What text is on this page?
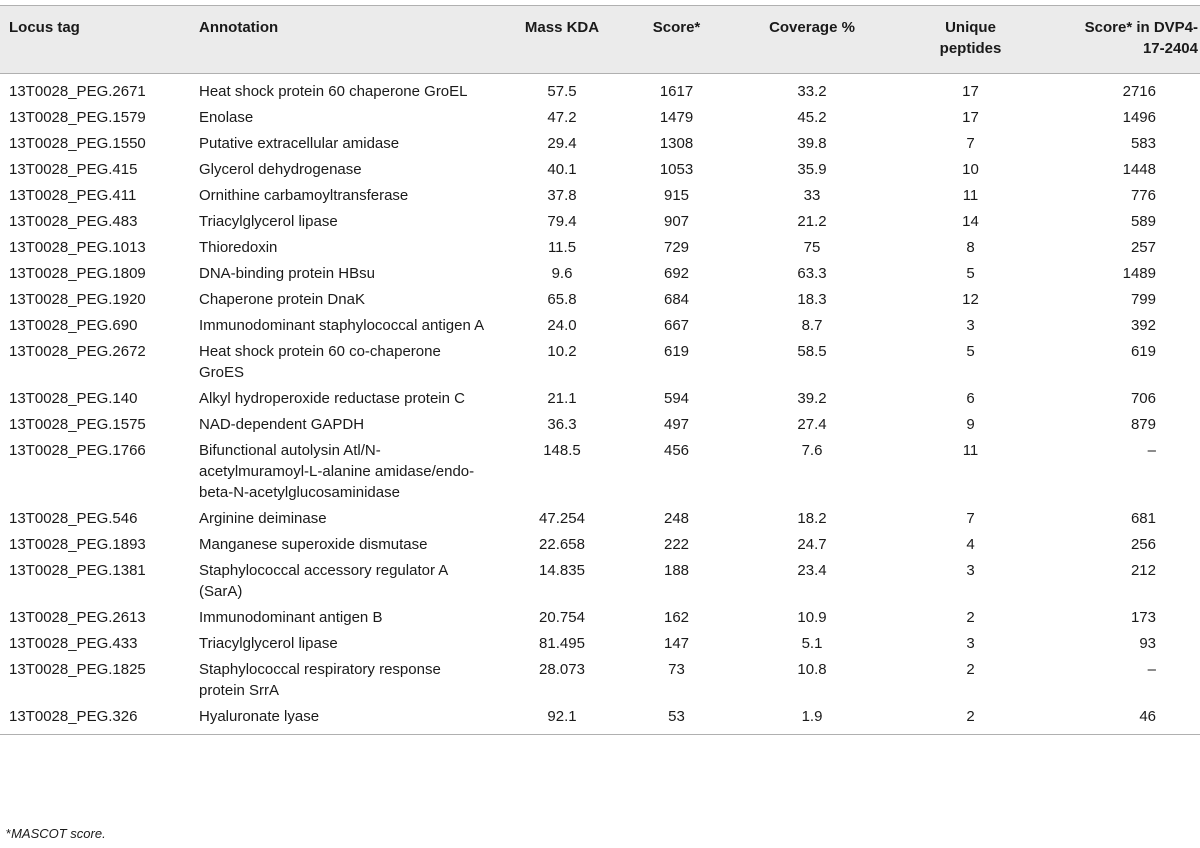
Locus tag	Annotation	Mass KDA	Score*	Coverage %	Unique peptides	Score* in DVP4-17-2404
13T0028_PEG.2671	Heat shock protein 60 chaperone GroEL	57.5	1617	33.2	17	2716
13T0028_PEG.1579	Enolase	47.2	1479	45.2	17	1496
13T0028_PEG.1550	Putative extracellular amidase	29.4	1308	39.8	7	583
13T0028_PEG.415	Glycerol dehydrogenase	40.1	1053	35.9	10	1448
13T0028_PEG.411	Ornithine carbamoyltransferase	37.8	915	33	11	776
13T0028_PEG.483	Triacylglycerol lipase	79.4	907	21.2	14	589
13T0028_PEG.1013	Thioredoxin	11.5	729	75	8	257
13T0028_PEG.1809	DNA-binding protein HBsu	9.6	692	63.3	5	1489
13T0028_PEG.1920	Chaperone protein DnaK	65.8	684	18.3	12	799
13T0028_PEG.690	Immunodominant staphylococcal antigen A	24.0	667	8.7	3	392
13T0028_PEG.2672	Heat shock protein 60 co-chaperone GroES	10.2	619	58.5	5	619
13T0028_PEG.140	Alkyl hydroperoxide reductase protein C	21.1	594	39.2	6	706
13T0028_PEG.1575	NAD-dependent GAPDH	36.3	497	27.4	9	879
13T0028_PEG.1766	Bifunctional autolysin Atl/N-acetylmuramoyl-L-alanine amidase/endo-beta-N-acetylglucosaminidase	148.5	456	7.6	11	–
13T0028_PEG.546	Arginine deiminase	47.254	248	18.2	7	681
13T0028_PEG.1893	Manganese superoxide dismutase	22.658	222	24.7	4	256
13T0028_PEG.1381	Staphylococcal accessory regulator A (SarA)	14.835	188	23.4	3	212
13T0028_PEG.2613	Immunodominant antigen B	20.754	162	10.9	2	173
13T0028_PEG.433	Triacylglycerol lipase	81.495	147	5.1	3	93
13T0028_PEG.1825	Staphylococcal respiratory response protein SrrA	28.073	73	10.8	2	–
13T0028_PEG.326	Hyaluronate lyase	92.1	53	1.9	2	46
*MASCOT score.
